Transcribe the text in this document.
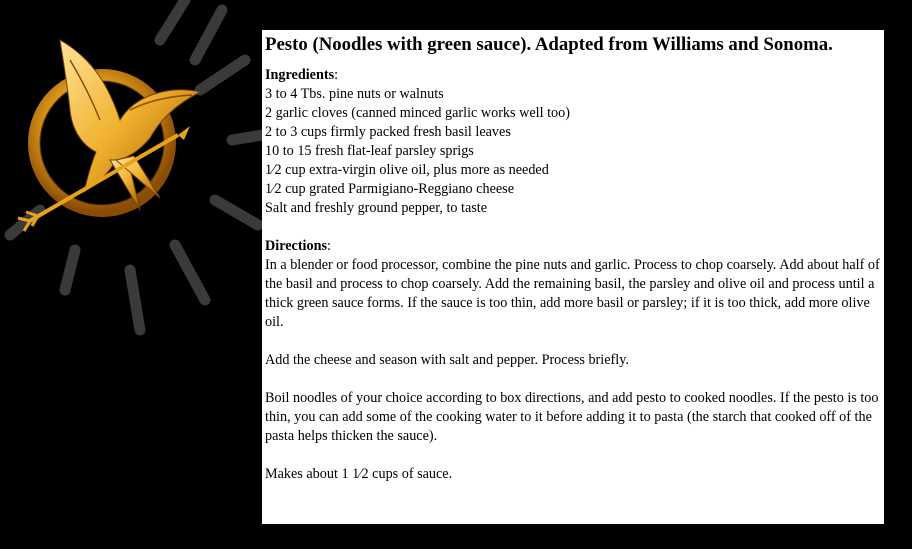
Pesto (Noodles with green sauce). Adapted from Williams and Sonoma.
Ingredients:
3 to 4 Tbs. pine nuts or walnuts
2 garlic cloves (canned minced garlic works well too)
2 to 3 cups firmly packed fresh basil leaves
10 to 15 fresh flat-leaf parsley sprigs
1⁄2 cup extra-virgin olive oil, plus more as needed
1⁄2 cup grated Parmigiano-Reggiano cheese
Salt and freshly ground pepper, to taste
Directions:

In a blender or food processor, combine the pine nuts and garlic. Process to chop coarsely. Add about half of the basil and process to chop coarsely. Add the remaining basil, the parsley and olive oil and process until a thick green sauce forms. If the sauce is too thin, add more basil or parsley; if it is too thick, add more olive oil.

Add the cheese and season with salt and pepper. Process briefly.

Boil noodles of your choice according to box directions, and add pesto to cooked noodles. If the pesto is too thin, you can add some of the cooking water to it before adding it to pasta (the starch that cooked off of the pasta helps thicken the sauce).

Makes about 1 1⁄2 cups of sauce.
